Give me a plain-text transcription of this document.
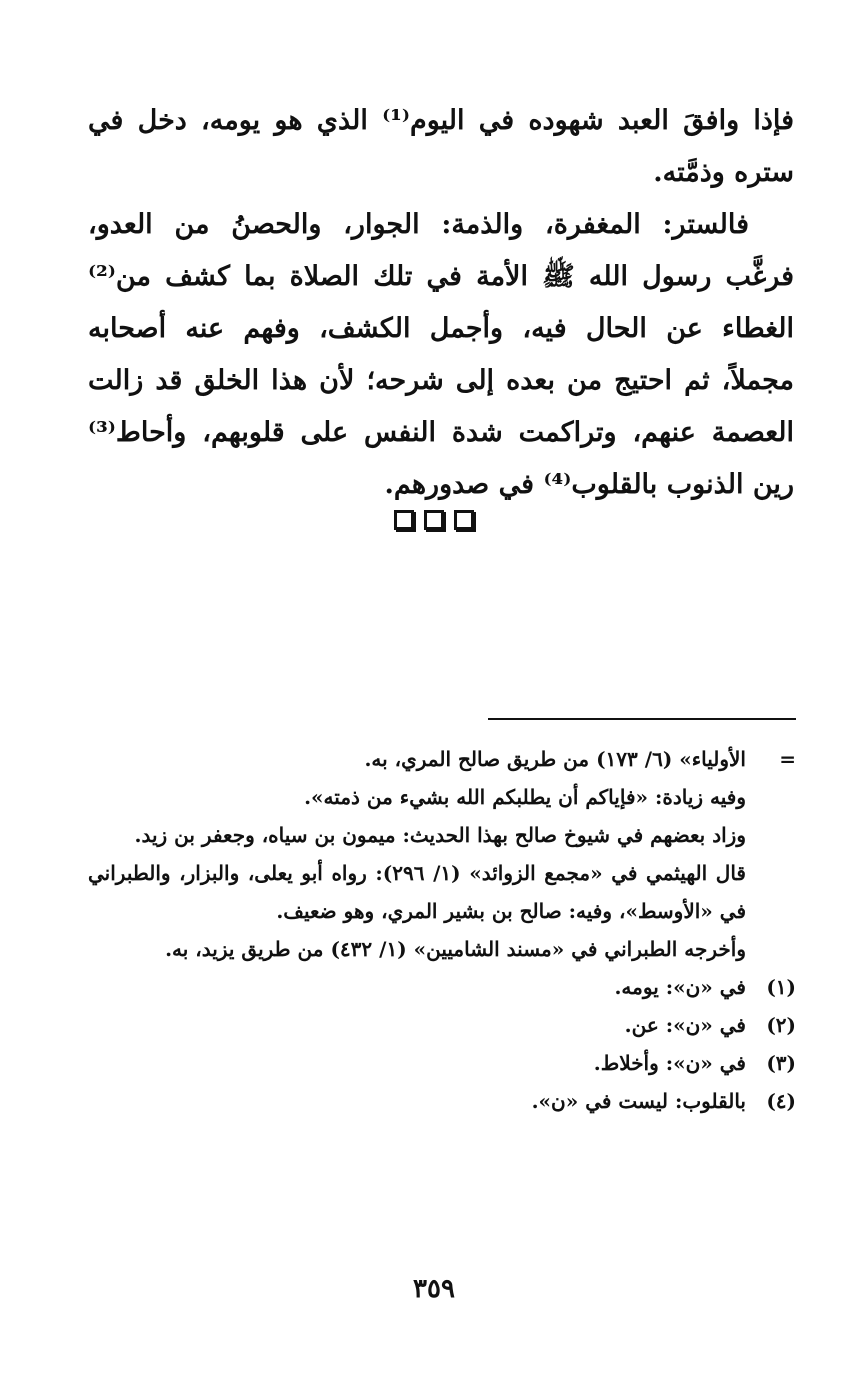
فإذا وافقَ العبد شهوده في اليوم⁽¹⁾ الذي هو يومه، دخل في ستره وذمَّته.

فالستر: المغفرة، والذمة: الجوار، والحصنُ من العدو، فرغَّب رسول الله ﷺ الأمة في تلك الصلاة بما كشف من⁽²⁾ الغطاء عن الحال فيه، وأجمل الكشف، وفهم عنه أصحابه مجملاً، ثم احتيج من بعده إلى شرحه؛ لأن هذا الخلق قد زالت العصمة عنهم، وتراكمت شدة النفس على قلوبهم، وأحاط⁽³⁾ رين الذنوب بالقلوب⁽⁴⁾ في صدورهم.

=الأولياء» (٦/ ١٧٣) من طريق صالح المري، به.

وفيه زيادة: «فإياكم أن يطلبكم الله بشيء من ذمته».

وزاد بعضهم في شيوخ صالح بهذا الحديث: ميمون بن سياه، وجعفر بن زيد.

قال الهيثمي في «مجمع الزوائد» (١/ ٢٩٦): رواه أبو يعلى، والبزار، والطبراني في «الأوسط»، وفيه: صالح بن بشير المري، وهو ضعيف.

وأخرجه الطبراني في «مسند الشاميين» (١/ ٤٣٢) من طريق يزيد، به.

(١)في «ن»: يومه.
(٢)في «ن»: عن.
(٣)في «ن»: وأخلاط.
(٤)بالقلوب: ليست في «ن».
٣٥٩
